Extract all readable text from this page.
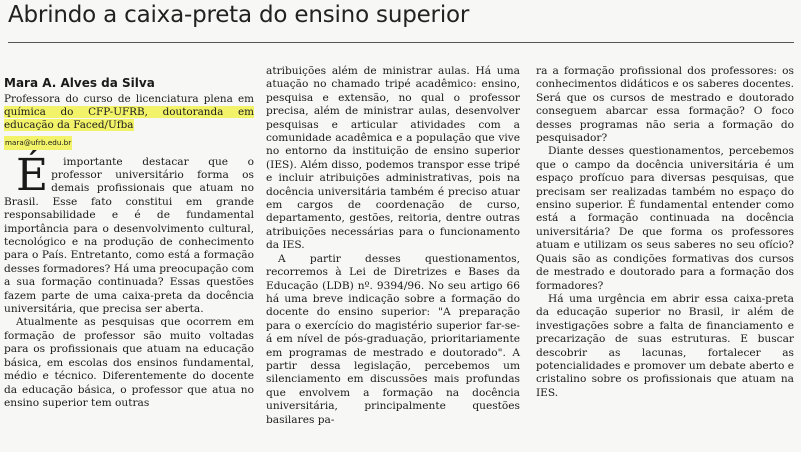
Abrindo a caixa-preta do ensino superior
Mara A. Alves da Silva
Professora do curso de licenciatura plena em química do CFP-UFRB, doutoranda em educação da Faced/Ufba
mara@ufrb.edu.br

É importante destacar que o professor universitário forma os demais profissionais que atuam no Brasil. Esse fato constitui em grande responsabilidade e é de fundamental importância para o desenvolvimento cultural, tecnológico e na produção de conhecimento para o País. Entretanto, como está a formação desses formadores? Há uma preocupação com a sua formação continuada? Essas questões fazem parte de uma caixa-preta da docência universitária, que precisa ser aberta.

Atualmente as pesquisas que ocorrem em formação de professor são muito voltadas para os profissionais que atuam na educação básica, em escolas dos ensinos fundamental, médio e técnico. Diferentemente do docente da educação básica, o professor que atua no ensino superior tem outras

atribuições além de ministrar aulas. Há uma atuação no chamado tripé acadêmico: ensino, pesquisa e extensão, no qual o professor precisa, além de ministrar aulas, desenvolver pesquisas e articular atividades com a comunidade acadêmica e a população que vive no entorno da instituição de ensino superior (IES). Além disso, podemos transpor esse tripé e incluir atribuições administrativas, pois na docência universitária também é preciso atuar em cargos de coordenação de curso, departamento, gestões, reitoria, dentre outras atribuições necessárias para o funcionamento da IES.

A partir desses questionamentos, recorremos à Lei de Diretrizes e Bases da Educação (LDB) nº. 9394/96. No seu artigo 66 há uma breve indicação sobre a formação do docente do ensino superior: "A preparação para o exercício do magistério superior far-se-á em nível de pós-graduação, prioritariamente em programas de mestrado e doutorado". A partir dessa legislação, percebemos um silenciamento em discussões mais profundas que envolvem a formação na docência universitária, principalmente questões basilares pa-

ra a formação profissional dos professores: os conhecimentos didáticos e os saberes docentes. Será que os cursos de mestrado e doutorado conseguem abarcar essa formação? O foco desses programas não seria a formação do pesquisador?

Diante desses questionamentos, percebemos que o campo da docência universitária é um espaço profícuo para diversas pesquisas, que precisam ser realizadas também no espaço do ensino superior. É fundamental entender como está a formação continuada na docência universitária? De que forma os professores atuam e utilizam os seus saberes no seu ofício? Quais são as condições formativas dos cursos de mestrado e doutorado para a formação dos formadores?

Há uma urgência em abrir essa caixa-preta da educação superior no Brasil, ir além de investigações sobre a falta de financiamento e precarização de suas estruturas. E buscar descobrir as lacunas, fortalecer as potencialidades e promover um debate aberto e cristalino sobre os profissionais que atuam na IES.
